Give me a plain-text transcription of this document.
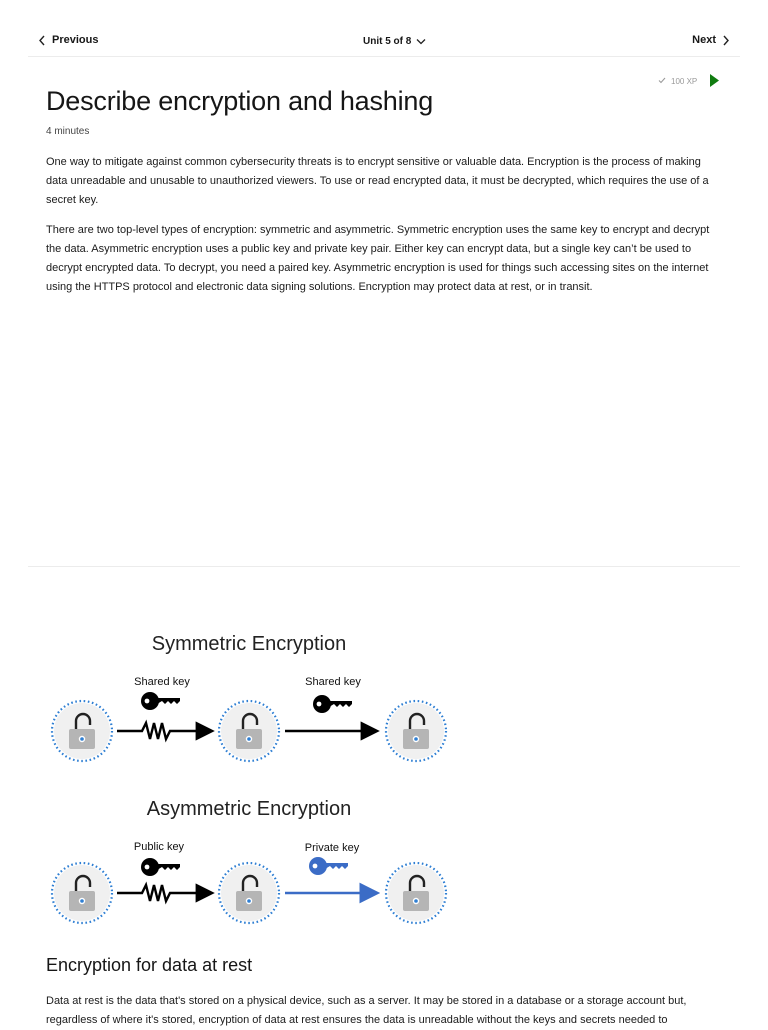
Previous	Unit 5 of 8	Next
100 XP
Describe encryption and hashing
4 minutes

One way to mitigate against common cybersecurity threats is to encrypt sensitive or valuable data. Encryption is the process of making data unreadable and unusable to unauthorized viewers. To use or read encrypted data, it must be decrypted, which requires the use of a secret key.

There are two top-level types of encryption: symmetric and asymmetric. Symmetric encryption uses the same key to encrypt and decrypt the data. Asymmetric encryption uses a public key and private key pair. Either key can encrypt data, but a single key can’t be used to decrypt encrypted data. To decrypt, you need a paired key. Asymmetric encryption is used for things such accessing sites on the internet using the HTTPS protocol and electronic data signing solutions. Encryption may protect data at rest, or in transit.

Symmetric Encryption
Shared key	Shared key
Asymmetric Encryption
Public key	Private key
Encryption for data at rest

Data at rest is the data that's stored on a physical device, such as a server. It may be stored in a database or a storage account but, regardless of where it's stored, encryption of data at rest ensures the data is unreadable without the keys and secrets needed to
